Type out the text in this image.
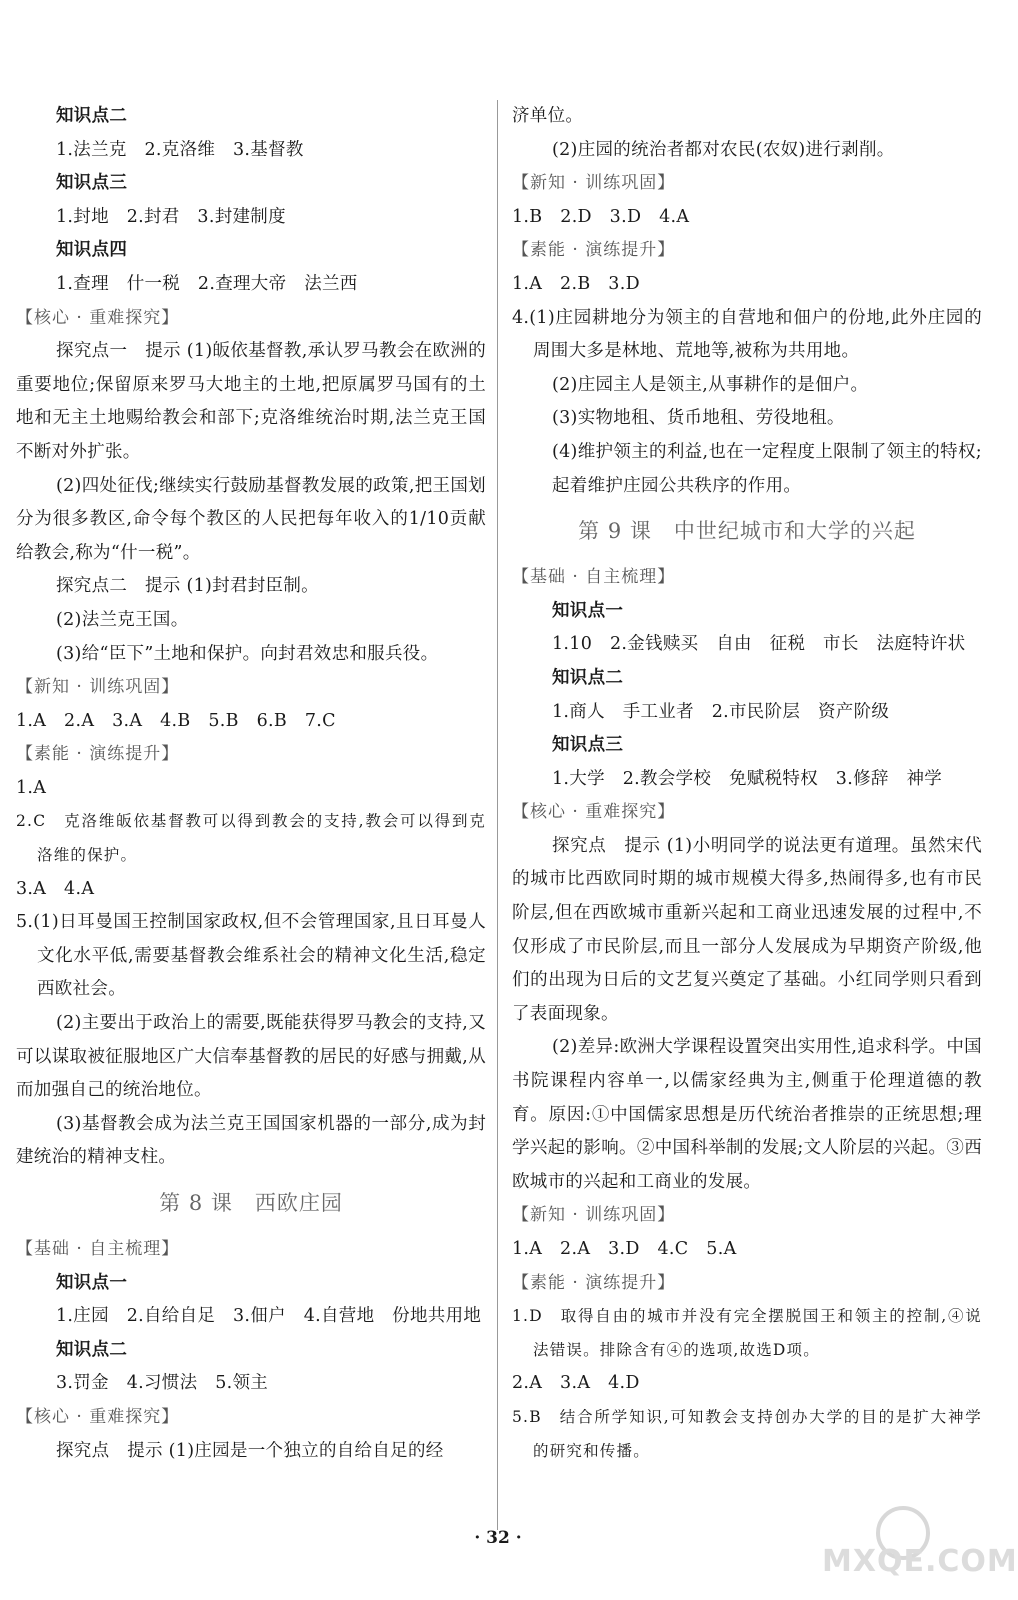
知识点二

1.法兰克　2.克洛维　3.基督教

知识点三

1.封地　2.封君　3.封建制度

知识点四

1.查理　什一税　2.查理大帝　法兰西

【核心 · 重难探究】

探究点一　提示 (1)皈依基督教,承认罗马教会在欧洲的重要地位;保留原来罗马大地主的土地,把原属罗马国有的土地和无主土地赐给教会和部下;克洛维统治时期,法兰克王国不断对外扩张。

(2)四处征伐;继续实行鼓励基督教发展的政策,把王国划分为很多教区,命令每个教区的人民把每年收入的1/10贡献给教会,称为“什一税”。

探究点二　提示 (1)封君封臣制。

(2)法兰克王国。

(3)给“臣下”土地和保护。向封君效忠和服兵役。

【新知 · 训练巩固】

1.A　2.A　3.A　4.B　5.B　6.B　7.C

【素能 · 演练提升】

1.A

2.C　克洛维皈依基督教可以得到教会的支持,教会可以得到克洛维的保护。

3.A　4.A

5.(1)日耳曼国王控制国家政权,但不会管理国家,且日耳曼人文化水平低,需要基督教会维系社会的精神文化生活,稳定西欧社会。

(2)主要出于政治上的需要,既能获得罗马教会的支持,又可以谋取被征服地区广大信奉基督教的居民的好感与拥戴,从而加强自己的统治地位。

(3)基督教会成为法兰克王国国家机器的一部分,成为封建统治的精神支柱。

第 8 课　西欧庄园

【基础 · 自主梳理】

知识点一

1.庄园　2.自给自足　3.佃户　4.自营地　份地共用地

知识点二

3.罚金　4.习惯法　5.领主

【核心 · 重难探究】

探究点　提示 (1)庄园是一个独立的自给自足的经

济单位。

(2)庄园的统治者都对农民(农奴)进行剥削。

【新知 · 训练巩固】

1.B　2.D　3.D　4.A

【素能 · 演练提升】

1.A　2.B　3.D

4.(1)庄园耕地分为领主的自营地和佃户的份地,此外庄园的周围大多是林地、荒地等,被称为共用地。

(2)庄园主人是领主,从事耕作的是佃户。

(3)实物地租、货币地租、劳役地租。

(4)维护领主的利益,也在一定程度上限制了领主的特权;起着维护庄园公共秩序的作用。

第 9 课　中世纪城市和大学的兴起

【基础 · 自主梳理】

知识点一

1.10　2.金钱赎买　自由　征税　市长　法庭特许状

知识点二

1.商人　手工业者　2.市民阶层　资产阶级

知识点三

1.大学　2.教会学校　免赋税特权　3.修辞　神学

【核心 · 重难探究】

探究点　提示 (1)小明同学的说法更有道理。虽然宋代的城市比西欧同时期的城市规模大得多,热闹得多,也有市民阶层,但在西欧城市重新兴起和工商业迅速发展的过程中,不仅形成了市民阶层,而且一部分人发展成为早期资产阶级,他们的出现为日后的文艺复兴奠定了基础。小红同学则只看到了表面现象。

(2)差异:欧洲大学课程设置突出实用性,追求科学。中国书院课程内容单一,以儒家经典为主,侧重于伦理道德的教育。原因:①中国儒家思想是历代统治者推崇的正统思想;理学兴起的影响。②中国科举制的发展;文人阶层的兴起。③西欧城市的兴起和工商业的发展。

【新知 · 训练巩固】

1.A　2.A　3.D　4.C　5.A

【素能 · 演练提升】

1.D　取得自由的城市并没有完全摆脱国王和领主的控制,④说法错误。排除含有④的选项,故选D项。

2.A　3.A　4.D

5.B　结合所学知识,可知教会支持创办大学的目的是扩大神学的研究和传播。

· 32 ·
MXQE.COM
